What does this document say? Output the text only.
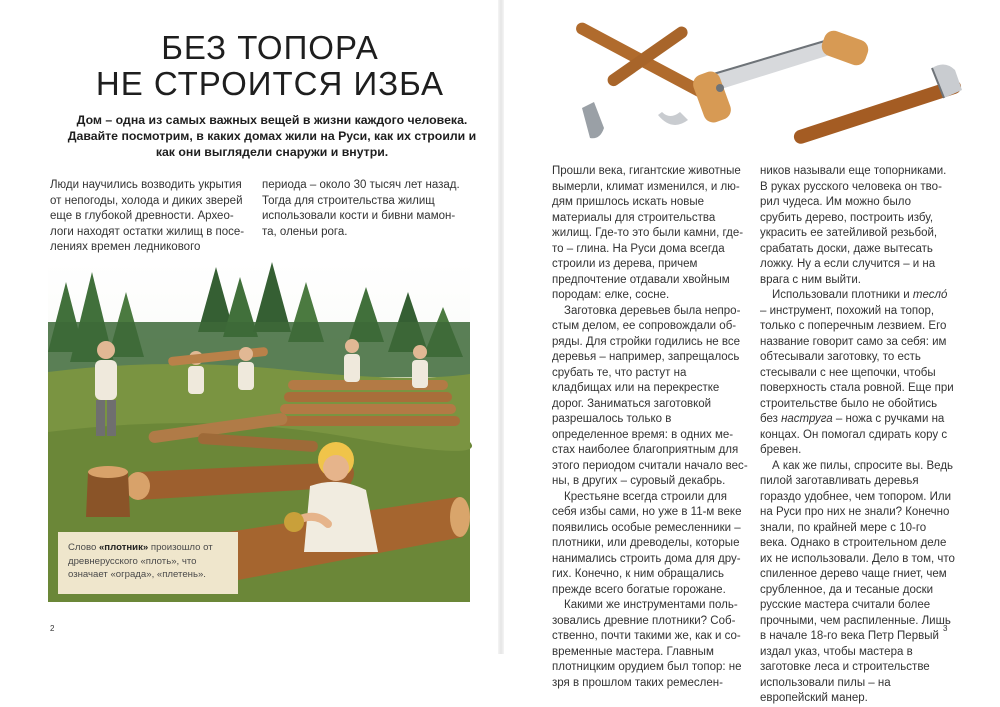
БЕЗ ТОПОРА
НЕ СТРОИТСЯ ИЗБА

Дом – одна из самых важных вещей в жизни каждого человека. Давайте посмотрим, в каких домах жили на Руси, как их строили и как они выглядели снаружи и внутри.

Люди научились возводить укрытия от непогоды, холода и диких зверей еще в глубокой древности. Археологи находят остатки жилищ в поселениях времен ледникового

периода – около 30 тысяч лет назад. Тогда для строительства жилищ использовали кости и бивни мамонта, оленьи рога.

Слово «плотник» произошло от древнерусского «плоть», что означает «ограда», «плетень».
2

Прошли века, гигантские животные вымерли, климат изменился, и людям пришлось искать новые материалы для строительства жилищ. Где-то это были камни, где-то – глина. На Руси дома всегда строили из дерева, причем предпочтение отдавали хвойным породам: елке, сосне.

Заготовка деревьев была непростым делом, ее сопровождали обряды. Для стройки годились не все деревья – например, запрещалось срубать те, что растут на кладбищах или на перекрестке дорог. Заниматься заготовкой разрешалось только в определенное время: в одних местах наиболее благоприятным для этого периодом считали начало весны, в других – суровый декабрь.

Крестьяне всегда строили для себя избы сами, но уже в 11-м веке появились особые ремесленники – плотники, или древоделы, которые нанимались строить дома для других. Конечно, к ним обращались прежде всего богатые горожане.

Какими же инструментами пользовались древние плотники? Собственно, почти такими же, как и современные мастера. Главным плотницким орудием был топор: не зря в прошлом таких ремеслен-

ников называли еще топорниками. В руках русского человека он творил чудеса. Им можно было срубить дерево, построить избу, украсить ее затейливой резьбой, срабатать доски, даже вытесать ложку. Ну а если случится – и на врага с ним выйти.

Использовали плотники и тесло́ – инструмент, похожий на топор, только с поперечным лезвием. Его название говорит само за себя: им обтесывали заготовку, то есть стесывали с нее щепочки, чтобы поверхность стала ровной. Еще при строительстве было не обойтись без наструга – ножа с ручками на концах. Он помогал сдирать кору с бревен.

А как же пилы, спросите вы. Ведь пилой заготавливать деревья гораздо удобнее, чем топором. Или на Руси про них не знали? Конечно знали, по крайней мере с 10-го века. Однако в строительном деле их не использовали. Дело в том, что спиленное дерево чаще гниет, чем срубленное, да и тесаные доски русские мастера считали более прочными, чем распиленные. Лишь в начале 18-го века Петр Первый издал указ, чтобы мастера в заготовке леса и строительстве использовали пилы – на европейский манер.

3
